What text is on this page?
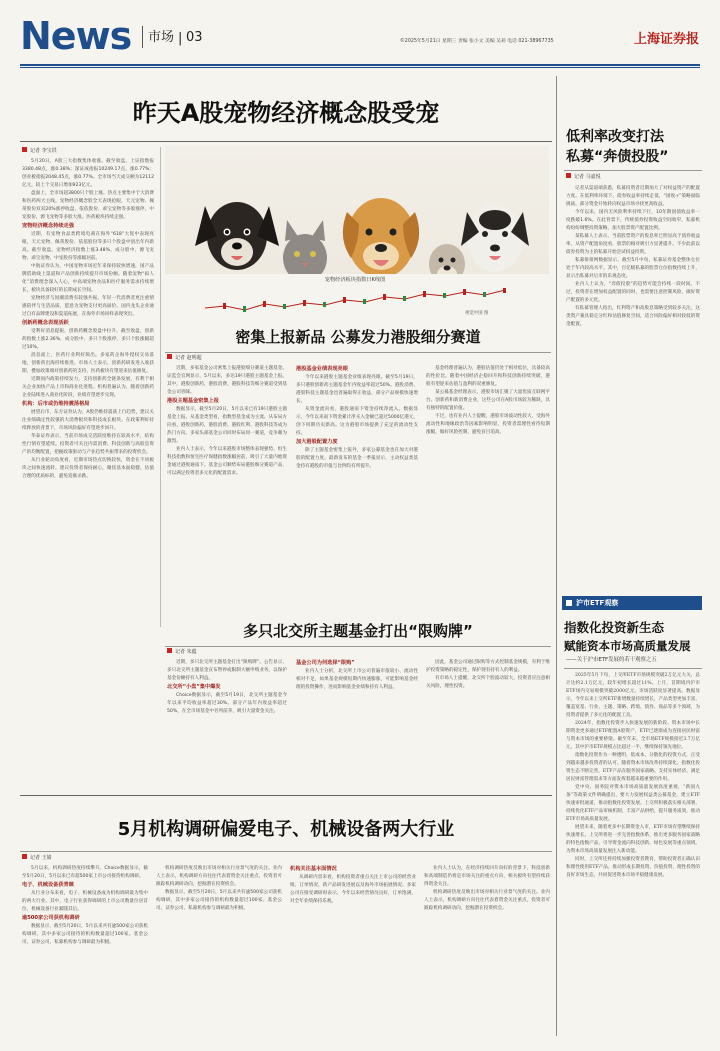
News 市场 | 03	©2025年5月21日 星期三 责编 张小文 美编 吴莉 电话 021-38967735	上海证券报
昨天A股宠物经济概念股受宠
记者 李宝洪

5月20日，A股三大指数集体收涨。截至收盘，上证指数报3380.48点，涨0.38%；深证成指报10249.17点，涨0.77%；创业板指报2048.45点，涨0.77%。全市场当天成交额为12112亿元，较上个交易日增加923亿元。

盘面上，全市场超3800只个股上涨。热点主要集中于大消费和医药两大主线。宠物经济概念股全天表现抢眼，天元宠物、佩蒂股份双双20%涨停收盘，依依股份、乖宝宠物等多股涨停，中宠股份、源飞宠物等多股大涨。医药板块持续走强。

宠物经济概念持续走强

近期，有宠物食品类跨境电商在海外“618”大促中表现亮眼，天元宠物、佩蒂股份、依依股份等多只个股盘中创出年内新高。截至收盘，宠物经济指数上涨3.48%，成分股中，源飞宠物、乖宝宠物、中宠股份等涨幅居前。

中航证券认为，中国宠物市场近年来保持较快增速，国产品牌借助线上渠道和产品创新持续提升市场份额。随着宠物“拟人化”消费理念深入人心，中高端宠物食品和医疗服务需求持续增长，板块具备较好的长期成长空间。

宠物经济与国潮消费有较强共振。年轻一代消费者更注重情感陪伴与生活品质，愿意为宠物支付更高溢价。国内龙头企业通过自有品牌建设和渠道拓展，在海外市场同样表现突出。

创新药概念表现活跃

受利好消息提振，创新药概念股盘中拉升，截至收盘，创新药指数上涨2.36%，成分股中，多只个股涨停，多只个股涨幅超过10%。

消息面上，医药行业利好频出。多家药企海外授权交易落地，创新药出海持续推进。市场人士表示，创新药研发进入收获期，叠加政策端对创新药的支持，医药板块有望迎来估值修复。

近期国内政策持续发力，支持创新药全链条发展，有利于相关企业加快产品上市和商业化进程。机构普遍认为，随着创新药企业陆续进入商业化阶段，业绩有望逐步兑现。

机构：后市或仍维持震荡格局

展望后市，东方证券认为，A股仍维持震荡上行趋势，建议关注业绩确定性较强的大消费板块和科技成长板块。在政策利好持续释放的背景下，市场风险偏好有望逐步回升。

华泰证券表示，当前市场成交活跃度维持在较高水平，结构性行情有望延续。投资者可关注内需消费、科技创新与高股息资产的均衡配置，把握政策驱动与产业趋势共振带来的投资机会。

从行业轮动角度看，近期市场热点切换较快，资金在不同板块之间快速流转。建议投资者保持耐心，聚焦基本面稳健、估值合理的优质标的，避免追涨杀跌。

宠物经济板块指数日K线图
视觉中国 图
密集上报新品 公募发力港股细分赛道
记者 赵明超

近期，多家基金公司密集上报港股细分赛道主题基金。证监会官网显示，5月以来，多达19只港股主题基金上报。其中，港股创新药、港股消费、港股科技等细分赛道受到基金公司青睐。

港股主题基金密集上报

数据显示，截至5月20日，5月以来已有19只港股主题基金上报。从基金类型看，指数型基金成为主流。从布局方向看，港股创新药、港股消费、港股红利、港股科技等成为热门方向。多家头部基金公司同时布局同一赛道，竞争颇为激烈。

业内人士表示，今年以来港股市场整体表现强势，恒生科技指数和恒生医疗保健指数涨幅居前，吸引了大量内地资金通过港股通南下。基金公司顺势布局港股细分赛道产品，可以满足投资者多元化的配置需求。

港股基金业绩表现亮眼

今年以来港股主题基金业绩表现亮眼。截至5月19日，多只港股创新药主题基金年内收益率超过50%。港股消费、港股科技主题基金也普遍取得正收益，部分产品规模快速增长。

从资金流向看，港股通南下资金持续净流入。数据显示，今年以来南下资金累计净买入金额已超过5000亿港元，创下同期历史新高。这为港股市场提供了充足的流动性支持。

加大港股配置力度

除了主题基金密集上报外，多家公募基金也在加大对港股的配置力度。最新发布的基金一季报显示，主动权益类基金持有港股的市值与比例均有所提升。

基金经理普遍认为，港股估值仍处于相对低位，具备较高的性价比。随着中国经济企稳回升和科技创新持续突破，港股有望迎来估值与盈利的双重修复。

某公募基金经理表示，港股市场汇聚了大量优质互联网平台、创新药和新消费企业，这些公司在A股市场较为稀缺，具有独特的配置价值。

不过，也有业内人士提醒，港股市场波动性较大，受海外流动性和地缘政治等因素影响明显，投资者需理性看待短期涨幅，做好风险控制，避免盲目追高。

多只北交所主题基金打出“限购牌”
记者 朱蕴

近期，多只北交所主题基金打出“限购牌”。公告显示，多只北交所主题基金宣布暂停或限制大额申购业务，以保护基金份额持有人利益。

北交所“小盘”集中爆发

Choice数据显示，截至5月19日，北交所主题基金今年以来平均收益率超过30%。部分产品年内收益率超过50%，在全市场基金中名列前茅，吸引大量资金关注。

基金公司为何选择“限购”

业内人士分析，北交所上市公司普遍市值较小、流动性相对不足，如果基金规模短期内快速膨胀，可能影响基金经理的投资操作，进而影响基金业绩和持有人利益。

因此，基金公司通过限购等方式控制基金规模，有利于维护投资策略的稳定性，保护现有持有人的利益。

有市场人士提醒，北交所个股波动较大，投资者应注意相关风险，理性投资。

5月机构调研偏爱电子、机械设备两大行业
记者 王婧

5月以来，机构调研热度持续攀升。Choice数据显示，截至5月20日，5月以来已有超500家上市公司接待机构调研。

电子、机械设备获青睐

从行业分布来看，电子、机械设备成为机构调研最为集中的两大行业。其中，电子行业获得调研的上市公司数量位居首位，机械设备行业紧随其后。

逾500家公司获机构调研

数据显示，截至5月20日，5月以来共有逾500家公司获机构调研，其中多家公司接待的机构数量超过100家。基金公司、证券公司、私募机构参与调研最为积极。

机构调研热度反映出市场对相关行业景气度的关注。业内人士表示，机构调研方向往往代表着资金关注重点，投资者可跟踪机构调研动向，挖掘潜在投资机会。

数据显示，截至5月20日，5月以来共有逾500家公司获机构调研，其中多家公司接待的机构数量超过100家。基金公司、证券公司、私募机构参与调研最为积极。

机构关注基本面情况

从调研内容来看，机构投资者重点关注上市公司的经营业绩、订单情况、新产品研发进展以及海外市场拓展情况。多家公司在接受调研时表示，今年以来经营情况良好，订单饱满，对全年业绩保持乐观。

业内人士认为，在经济持续回升向好的背景下，科技创新和高端制造仍将是市场关注的重点方向，相关板块有望持续获得资金关注。

机构调研热度反映出市场对相关行业景气度的关注。业内人士表示，机构调研方向往往代表着资金关注重点，投资者可跟踪机构调研动向，挖掘潜在投资机会。

低利率改变打法
私募“奔债投股”
记者 马嘉悦

记者从渠道端获悉，私募投资者近期加大了对权益资产的配置力度。在低利率环境下，债券收益率持续走低，“固收+”策略面临挑战，部分资金开始转向权益市场寻找更高收益。

今年以来，国内无风险利率持续下行，10年期国债收益率一度跌破1.6%。在此背景下，传统债券投资收益空间收窄，私募机构纷纷调整投资策略，加大股票资产配置比例。

某私募人士表示，当前股票资产的股息率已明显高于债券收益率，从资产配置角度看，股票的相对吸引力显著提升。不少此前以债券投资为主的私募开始尝试权益投资。

私募排排网数据显示，截至5月中旬，私募证券基金整体仓位处于年内较高水平。其中，百亿级私募的股票仓位指数持续上升，显示出私募对后市的乐观态度。

业内人士认为，“奔债投股”的趋势可能会持续一段时间。不过，投资者在增加权益配置的同时，也需要注意控制风险，做好资产配置的多元化。

有私募管理人指出，红利资产和高股息策略受到较多关注，这类资产兼具稳定分红和估值修复空间，适合风险偏好相对较低的资金配置。

沪市ETF观察
指数化投资新生态
赋能资本市场高质量发展
——关于沪市ETF发展的若干观察之五

2025年5月下旬，上交所ETF市场规模突破2万亿元大关，总计达约2.1万亿元，较年初增长超过11%。上月，首期境内沪市ETF场内交易规模突破2000亿元，市场活跃度显著提高。数据显示，今年以来上交所ETF新增数量持续增长，产品类型更加丰富，覆盖宽基、行业、主题、策略、跨境、债券、商品等多个领域，为投资者提供了多元化的配置工具。

2024年，指数化投资步入快速发展的新阶段。资本市场中长期资金更多通过ETF配置A股资产，ETF已逐渐成为连接居民财富与资本市场的重要桥梁。截至年末，全市场ETF规模接近3.7万亿元，其中沪市ETF规模占比超过一半，继续保持领先地位。

指数化投资作为一种透明、低成本、分散化的投资方式，正受到越来越多投资者的认可。随着资本市场改革持续深化，指数化投资生态不断完善，ETF产品在服务国家战略、支持实体经济、满足居民财富管理需求等方面发挥着越来越重要的作用。

党中央、国务院对资本市场高质量发展高度重视，“新国九条”等政策文件明确提出，要大力发展权益类公募基金，建立ETF快速审批通道，推动指数化投资发展。上交所积极落实相关部署，持续优化ETF产品审核机制，丰富产品供给，提升服务质效，推动ETF市场高质量发展。

展望未来，随着更多中长期资金入市，ETF市场有望继续保持快速增长。上交所将进一步完善指数体系，推出更多服务国家战略的特色指数产品，引导资金流向科技创新、绿色发展等重点领域，为资本市场高质量发展注入新动能。

同时，上交所还将持续加强投资者教育，帮助投资者正确认识和理性使用ETF产品，推动形成长期投资、价值投资、理性投资的良好市场生态，共同促进资本市场平稳健康发展。
